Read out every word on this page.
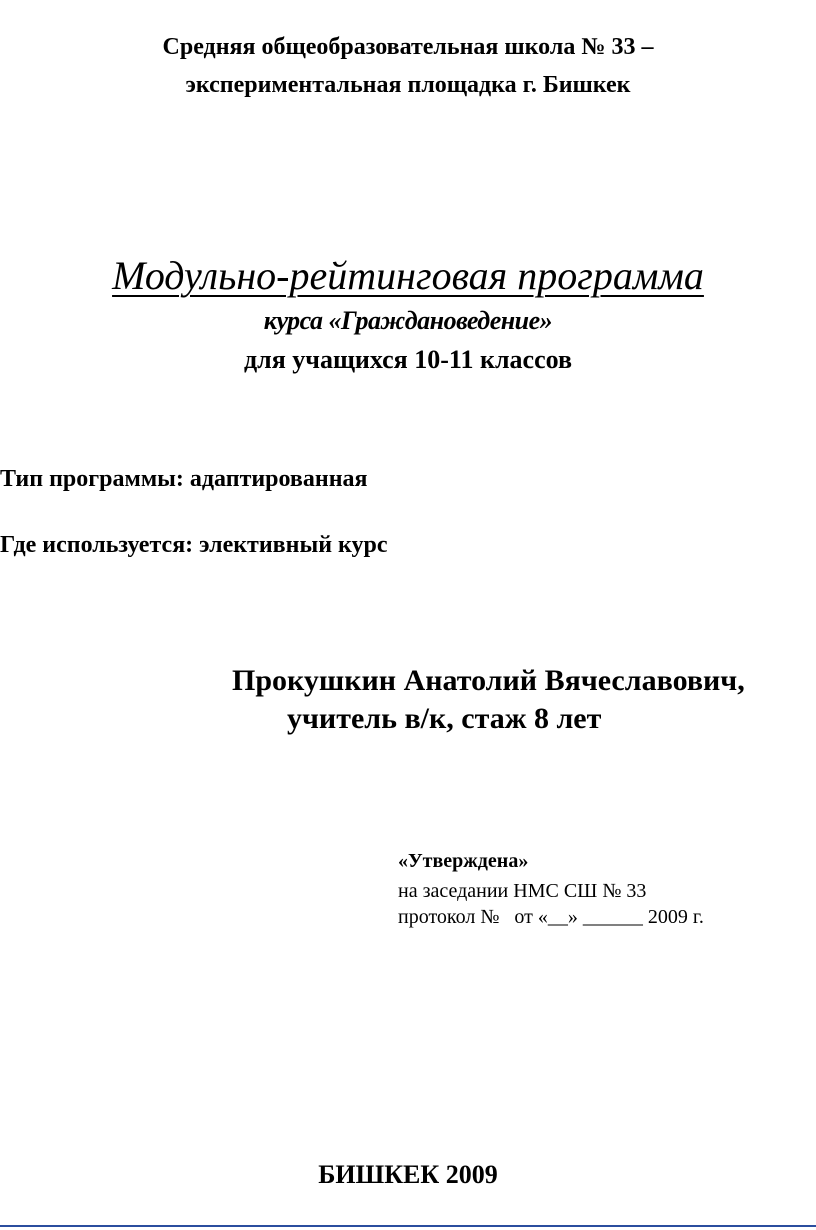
Средняя общеобразовательная школа № 33 –
экспериментальная площадка г. Бишкек
Модульно-рейтинговая программа
курса «Граждановедение»
для учащихся 10-11 классов
Тип программы: адаптированная
Где используется: элективный курс
Прокушкин Анатолий Вячеславович,
учитель в/к, стаж 8 лет
«Утверждена»
на заседании НМС СШ № 33
протокол №   от «__» ______ 2009 г.
БИШКЕК 2009
